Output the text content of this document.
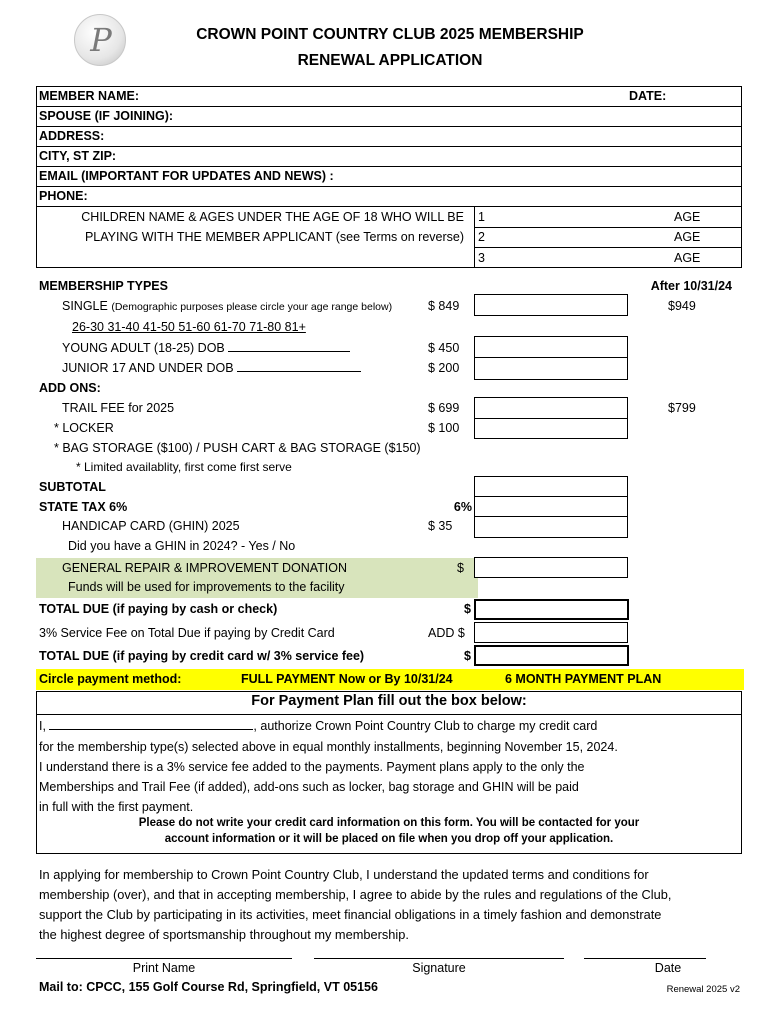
P	CROWN POINT COUNTRY CLUB 2025 MEMBERSHIP
RENEWAL APPLICATION
MEMBER NAME:	DATE:
SPOUSE (IF JOINING):
ADDRESS:
CITY, ST ZIP:
EMAIL (IMPORTANT FOR UPDATES AND NEWS) :
PHONE:
CHILDREN NAME & AGES UNDER THE AGE OF 18 WHO WILL BE
PLAYING WITH THE MEMBER APPLICANT (see Terms on reverse)
1	AGE
2	AGE
3	AGE
MEMBERSHIP TYPES	After 10/31/24
SINGLE (Demographic purposes please circle your age range below)	$ 849	$949
26-30 31-40 41-50 51-60 61-70 71-80 81+
YOUNG ADULT (18-25) DOB	$ 450
JUNIOR 17 AND UNDER DOB	$ 200
ADD ONS:
TRAIL FEE for 2025	$ 699	$799
* LOCKER	$ 100
* BAG STORAGE ($100) / PUSH CART & BAG STORAGE ($150)
* Limited availablity, first come first serve
SUBTOTAL
STATE TAX 6%	6%
HANDICAP CARD (GHIN) 2025	$ 35
Did you have a GHIN in 2024? - Yes / No
GENERAL REPAIR & IMPROVEMENT DONATION	$
Funds will be used for improvements to the facility
TOTAL DUE (if paying by cash or check)	$
3% Service Fee on Total Due if paying by Credit Card	ADD $
TOTAL DUE (if paying by credit card w/ 3% service fee)	$
Circle payment method:	FULL PAYMENT Now or By 10/31/24	6 MONTH PAYMENT PLAN
For Payment Plan fill out the box below:
I,	, authorize Crown Point Country Club to charge my credit card
for the membership type(s) selected above in equal monthly installments, beginning November 15, 2024.
I understand there is a 3% service fee added to the payments. Payment plans apply to the only the
Memberships and Trail Fee (if added), add-ons such as locker, bag storage and GHIN will be paid
in full with the first payment.
Please do not write your credit card information on this form. You will be contacted for your
account information or it will be placed on file when you drop off your application.
In applying for membership to Crown Point Country Club, I understand the updated terms and conditions for
membership (over), and that in accepting membership, I agree to abide by the rules and regulations of the Club,
support the Club by participating in its activities, meet financial obligations in a timely fashion and demonstrate
the highest degree of sportsmanship throughout my membership.
Print Name	Signature	Date
Mail to: CPCC, 155 Golf Course Rd, Springfield, VT 05156	Renewal 2025 v2
